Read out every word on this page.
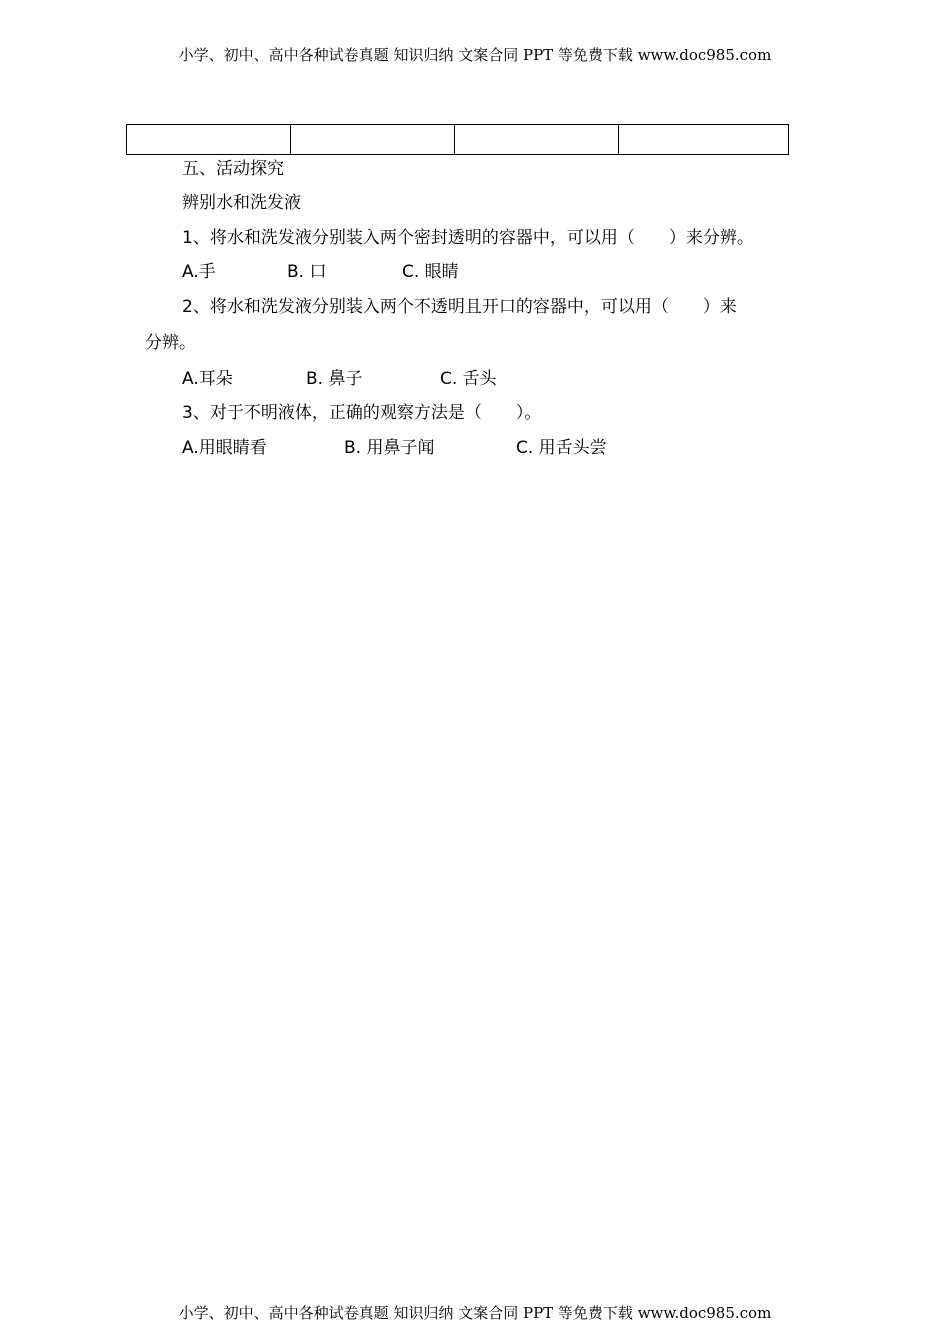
小学、初中、高中各种试卷真题 知识归纳 文案合同 PPT 等免费下载 www.doc985.com
五、活动探究
辨别水和洗发液
1、将水和洗发液分别装入两个密封透明的容器中，可以用（　　）来分辨。
A.手	B. 口	C. 眼睛
2、将水和洗发液分别装入两个不透明且开口的容器中，可以用（　　）来
分辨。
A.耳朵	B. 鼻子	C. 舌头
3、对于不明液体，正确的观察方法是（　　）。
A.用眼睛看	B. 用鼻子闻	C. 用舌头尝
小学、初中、高中各种试卷真题 知识归纳 文案合同 PPT 等免费下载 www.doc985.com
